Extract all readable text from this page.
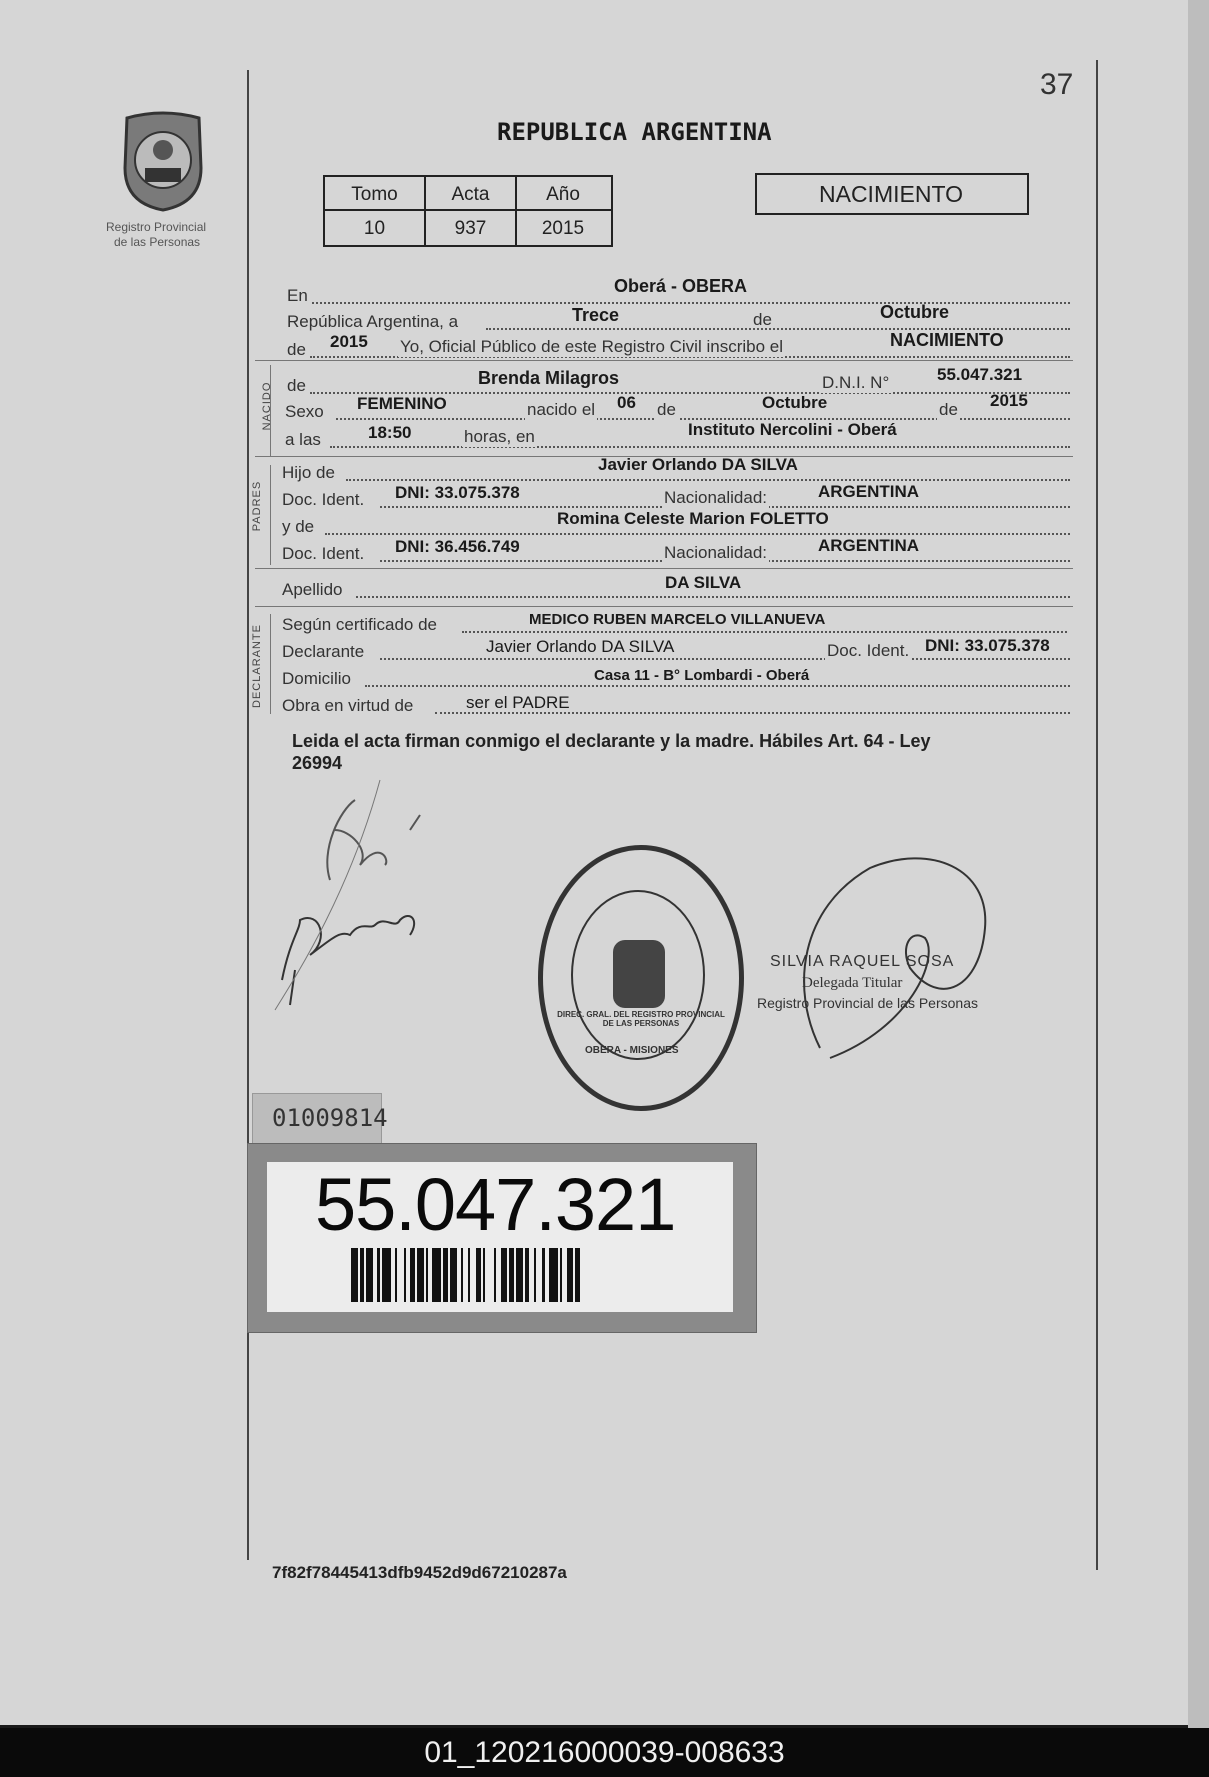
37
Registro Provincial
de las Personas
REPUBLICA ARGENTINA
Tomo	Acta	Año
10	937	2015
NACIMIENTO
En	Oberá - OBERA
República Argentina, a	Trece	de	Octubre
de 2015 Yo, Oficial Público de este Registro Civil inscribo el	NACIMIENTO
NACIDO de	Brenda Milagros	D.N.I. N°	55.047.321
Sexo FEMENINO	nacido el 06 de	Octubre	de 2015
a las	18:50	horas, en	Instituto Nercolini - Oberá
PADRES
Hijo de	Javier Orlando DA SILVA
Doc. Ident. DNI: 33.075.378	Nacionalidad:	ARGENTINA
y de	Romina Celeste Marion FOLETTO
Doc. Ident. DNI: 36.456.749	Nacionalidad:	ARGENTINA
Apellido	DA SILVA
DECLARANTE Según certificado de	MEDICO RUBEN MARCELO VILLANUEVA
Declarante	Javier Orlando DA SILVA	Doc. Ident. DNI: 33.075.378
Domicilio	Casa 11 - B° Lombardi - Oberá
Obra en virtud de	ser el PADRE
Leida el acta firman conmigo el declarante y la madre. Hábiles Art. 64 - Ley
26994
DIREC. GRAL. DEL REGISTRO PROVINCIAL DE LAS PERSONAS
OBERA - MISIONES
SILVIA RAQUEL SOSA
Delegada Titular
Registro Provincial de las Personas
01009814
55.047.321
7f82f78445413dfb9452d9d67210287a
01_120216000039-008633
